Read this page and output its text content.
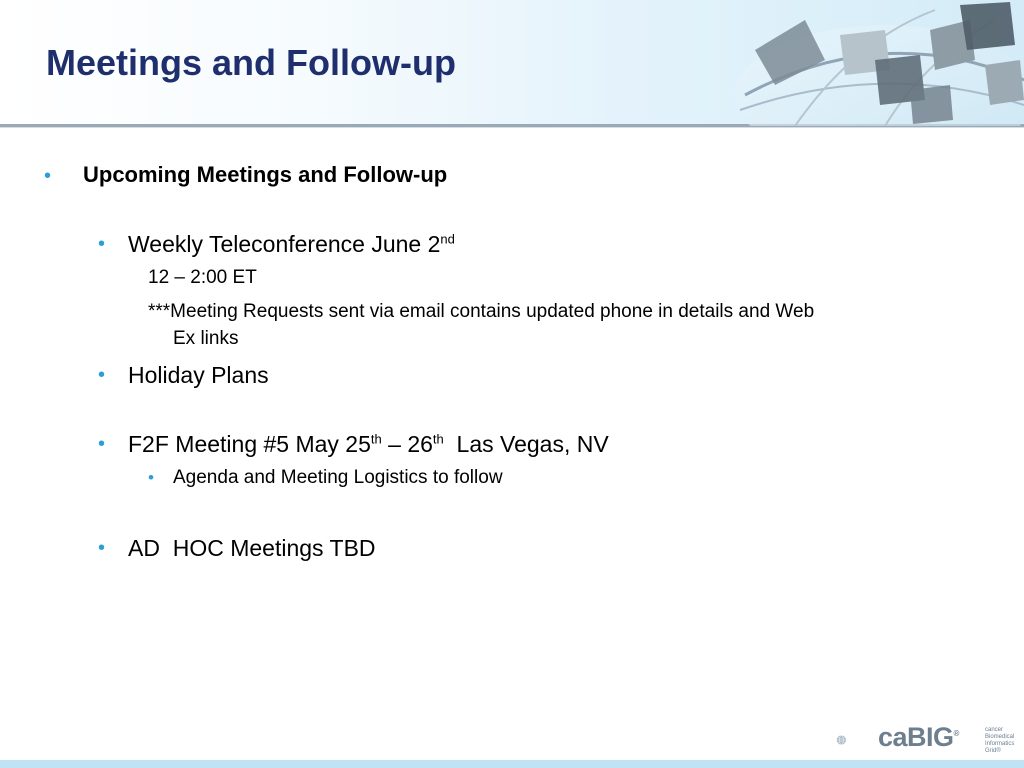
Meetings and Follow-up
• Upcoming Meetings and Follow-up
• Weekly Teleconference June 2nd
12 – 2:00 ET
***Meeting Requests sent via email contains updated phone in details and Web
Ex links
• Holiday Plans
• F2F Meeting #5 May 25th – 26th  Las Vegas, NV
• Agenda and Meeting Logistics to follow
• AD  HOC Meetings TBD
caBIG®	cancer Biomedical Informatics Grid®
